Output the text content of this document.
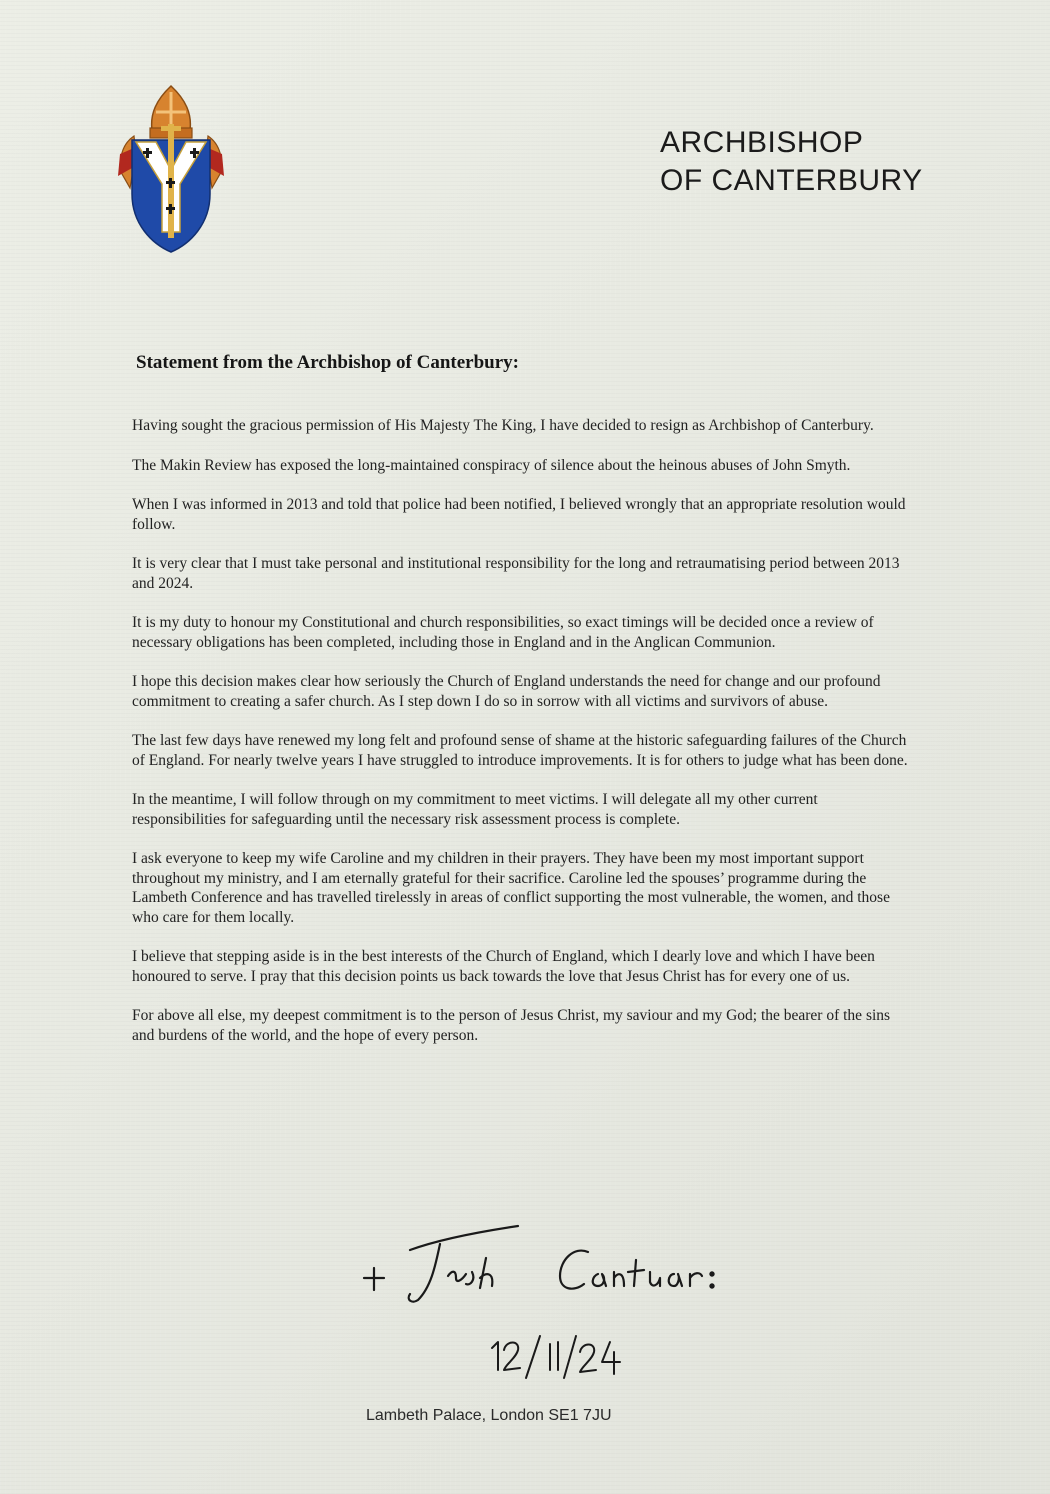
ARCHBISHOP
OF CANTERBURY
Statement from the Archbishop of Canterbury:

Having sought the gracious permission of His Majesty The King, I have decided to resign as Archbishop of Canterbury.

The Makin Review has exposed the long-maintained conspiracy of silence about the heinous abuses of John Smyth.

When I was informed in 2013 and told that police had been notified, I believed wrongly that an appropriate resolution would follow.

It is very clear that I must take personal and institutional responsibility for the long and retraumatising period between 2013 and 2024.

It is my duty to honour my Constitutional and church responsibilities, so exact timings will be decided once a review of necessary obligations has been completed, including those in England and in the Anglican Communion.

I hope this decision makes clear how seriously the Church of England understands the need for change and our profound commitment to creating a safer church. As I step down I do so in sorrow with all victims and survivors of abuse.

The last few days have renewed my long felt and profound sense of shame at the historic safeguarding failures of the Church of England. For nearly twelve years I have struggled to introduce improvements. It is for others to judge what has been done.

In the meantime, I will follow through on my commitment to meet victims. I will delegate all my other current responsibilities for safeguarding until the necessary risk assessment process is complete.

I ask everyone to keep my wife Caroline and my children in their prayers. They have been my most important support throughout my ministry, and I am eternally grateful for their sacrifice. Caroline led the spouses’ programme during the Lambeth Conference and has travelled tirelessly in areas of conflict supporting the most vulnerable, the women, and those who care for them locally.

I believe that stepping aside is in the best interests of the Church of England, which I dearly love and which I have been honoured to serve. I pray that this decision points us back towards the love that Jesus Christ has for every one of us.

For above all else, my deepest commitment is to the person of Jesus Christ, my saviour and my God; the bearer of the sins and burdens of the world, and the hope of every person.

Lambeth Palace, London SE1 7JU
